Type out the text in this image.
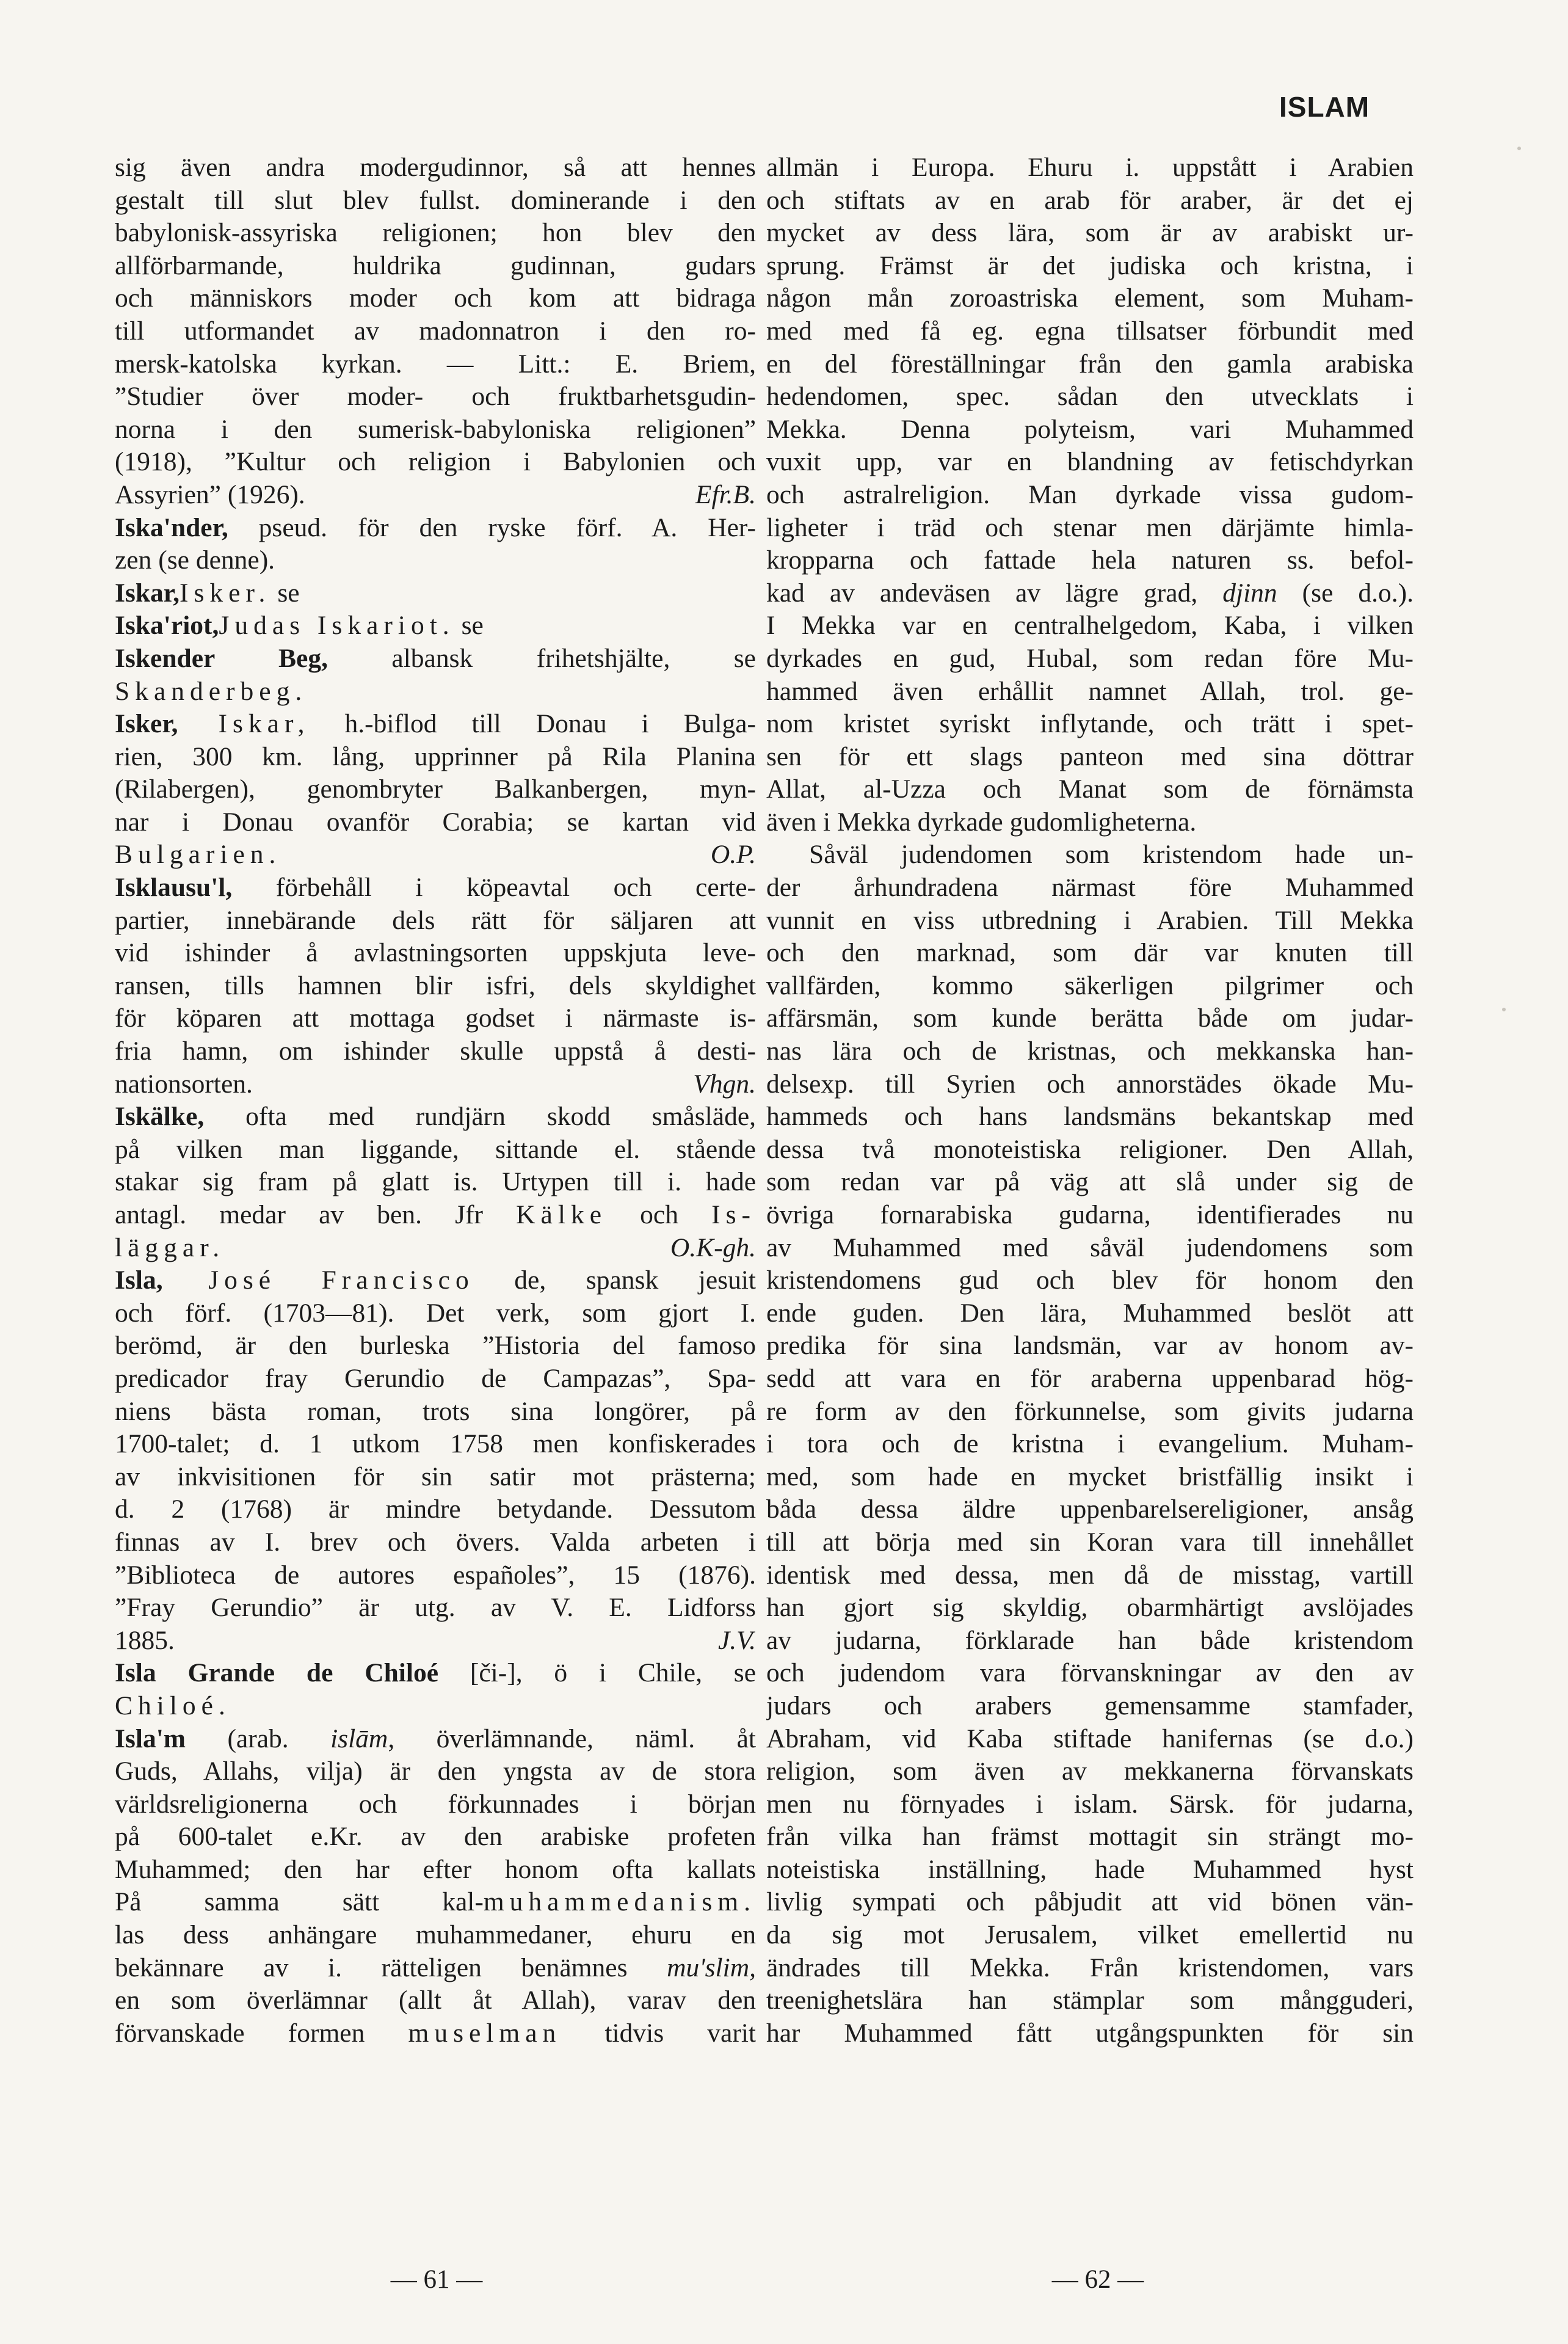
ISLAM
sig även andra modergudinnor, så att hennes
gestalt till slut blev fullst. dominerande i den
babylonisk-assyriska religionen; hon blev den
allförbarmande, huldrika gudinnan, gudars
och människors moder och kom att bidraga
till utformandet av madonnatron i den ro-
mersk-katolska kyrkan. — Litt.: E. Briem,
”Studier över moder- och fruktbarhetsgudin-
norna i den sumerisk-babyloniska religionen”
(1918), ”Kultur och religion i Babylonien och
Efr.B.
Assyrien” (1926).
Iska'nder, pseud. för den ryske förf. A. Her-
zen (se denne).
Iskar,Isker. se
Iska'riot,Judas Iskariot. se
Iskender Beg, albansk frihetshjälte, se
Skanderbeg.
Isker, Iskar, h.-biflod till Donau i Bulga-
rien, 300 km. lång, upprinner på Rila Planina
(Rilabergen), genombryter Balkanbergen, myn-
nar i Donau ovanför Corabia; se kartan vid
O.P.
Bulgarien.
Isklausu'l, förbehåll i köpeavtal och certe-
partier, innebärande dels rätt för säljaren att
vid ishinder å avlastningsorten uppskjuta leve-
ransen, tills hamnen blir isfri, dels skyldighet
för köparen att mottaga godset i närmaste is-
fria hamn, om ishinder skulle uppstå å desti-
Vhgn.
nationsorten.
Iskälke, ofta med rundjärn skodd småsläde,
på vilken man liggande, sittande el. stående
stakar sig fram på glatt is. Urtypen till i. hade
antagl. medar av ben. Jfr Kälke och Is-
O.K-gh.
läggar.
Isla, José Francisco de, spansk jesuit
och förf. (1703—81). Det verk, som gjort I.
berömd, är den burleska ”Historia del famoso
predicador fray Gerundio de Campazas”, Spa-
niens bästa roman, trots sina longörer, på
1700-talet; d. 1 utkom 1758 men konfiskerades
av inkvisitionen för sin satir mot prästerna;
d. 2 (1768) är mindre betydande. Dessutom
finnas av I. brev och övers. Valda arbeten i
”Biblioteca de autores españoles”, 15 (1876).
”Fray Gerundio” är utg. av V. E. Lidforss
J.V.
1885.
Isla Grande de Chiloé [či-], ö i Chile, se
Chiloé.
Isla'm (arab. islām, överlämnande, näml. åt
Guds, Allahs, vilja) är den yngsta av de stora
världsreligionerna och förkunnades i början
på 600-talet e.Kr. av den arabiske profeten
Muhammed; den har efter honom ofta kallats
På samma sätt kal-muhammedanism.
las dess anhängare muhammedaner, ehuru en
bekännare av i. rätteligen benämnes mu'slim,
en som överlämnar (allt åt Allah), varav den
förvanskade formen muselman tidvis varit
allmän i Europa. Ehuru i. uppstått i Arabien
och stiftats av en arab för araber, är det ej
mycket av dess lära, som är av arabiskt ur-
sprung. Främst är det judiska och kristna, i
någon mån zoroastriska element, som Muham-
med med få eg. egna tillsatser förbundit med
en del föreställningar från den gamla arabiska
hedendomen, spec. sådan den utvecklats i
Mekka. Denna polyteism, vari Muhammed
vuxit upp, var en blandning av fetischdyrkan
och astralreligion. Man dyrkade vissa gudom-
ligheter i träd och stenar men därjämte himla-
kropparna och fattade hela naturen ss. befol-
kad av andeväsen av lägre grad, djinn (se d.o.).
I Mekka var en centralhelgedom, Kaba, i vilken
dyrkades en gud, Hubal, som redan före Mu-
hammed även erhållit namnet Allah, trol. ge-
nom kristet syriskt inflytande, och trätt i spet-
sen för ett slags panteon med sina döttrar
Allat, al-Uzza och Manat som de förnämsta
även i Mekka dyrkade gudomligheterna.
Såväl judendomen som kristendom hade un-
der århundradena närmast före Muhammed
vunnit en viss utbredning i Arabien. Till Mekka
och den marknad, som där var knuten till
vallfärden, kommo säkerligen pilgrimer och
affärsmän, som kunde berätta både om judar-
nas lära och de kristnas, och mekkanska han-
delsexp. till Syrien och annorstädes ökade Mu-
hammeds och hans landsmäns bekantskap med
dessa två monoteistiska religioner. Den Allah,
som redan var på väg att slå under sig de
övriga fornarabiska gudarna, identifierades nu
av Muhammed med såväl judendomens som
kristendomens gud och blev för honom den
ende guden. Den lära, Muhammed beslöt att
predika för sina landsmän, var av honom av-
sedd att vara en för araberna uppenbarad hög-
re form av den förkunnelse, som givits judarna
i tora och de kristna i evangelium. Muham-
med, som hade en mycket bristfällig insikt i
båda dessa äldre uppenbarelsereligioner, ansåg
till att börja med sin Koran vara till innehållet
identisk med dessa, men då de misstag, vartill
han gjort sig skyldig, obarmhärtigt avslöjades
av judarna, förklarade han både kristendom
och judendom vara förvanskningar av den av
judars och arabers gemensamme stamfader,
Abraham, vid Kaba stiftade hanifernas (se d.o.)
religion, som även av mekkanerna förvanskats
men nu förnyades i islam. Särsk. för judarna,
från vilka han främst mottagit sin strängt mo-
noteistiska inställning, hade Muhammed hyst
livlig sympati och påbjudit att vid bönen vän-
da sig mot Jerusalem, vilket emellertid nu
ändrades till Mekka. Från kristendomen, vars
treenighetslära han stämplar som mångguderi,
har Muhammed fått utgångspunkten för sin
— 61 —	— 62 —
